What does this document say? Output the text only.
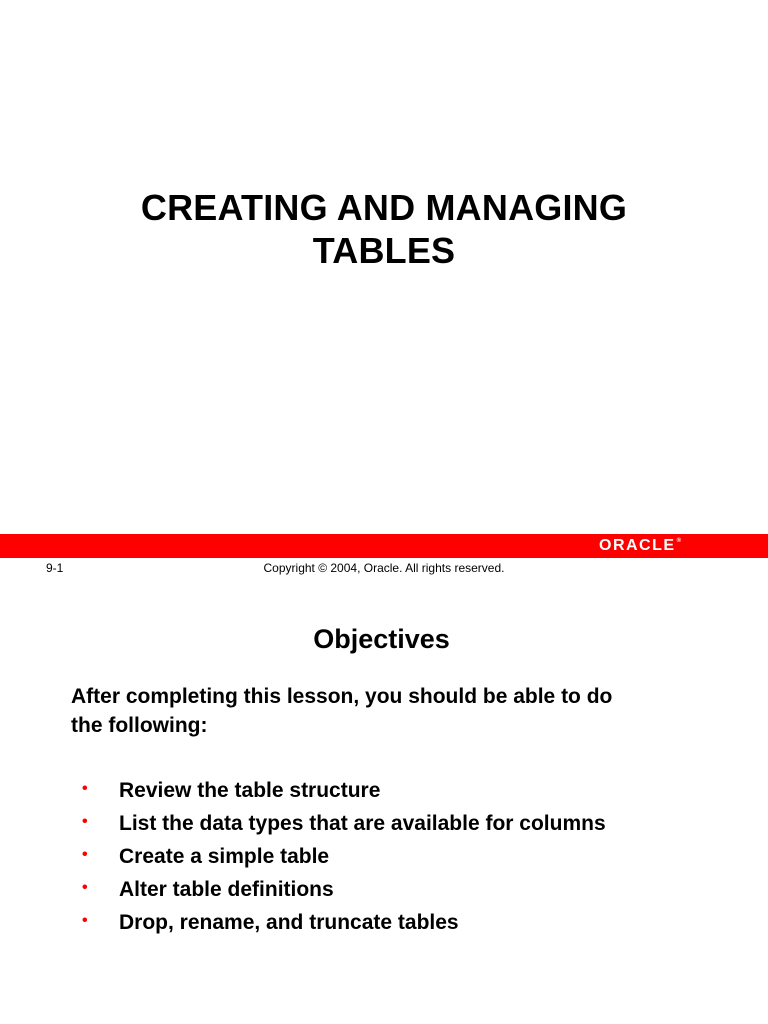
CREATING AND MANAGING
TABLES
ORACLE ®
9-1	Copyright © 2004, Oracle. All rights reserved.
Objectives
After completing this lesson, you should be able to do
the following:
• Review the table structure
• List the data types that are available for columns
• Create a simple table
• Alter table definitions
• Drop, rename, and truncate tables
